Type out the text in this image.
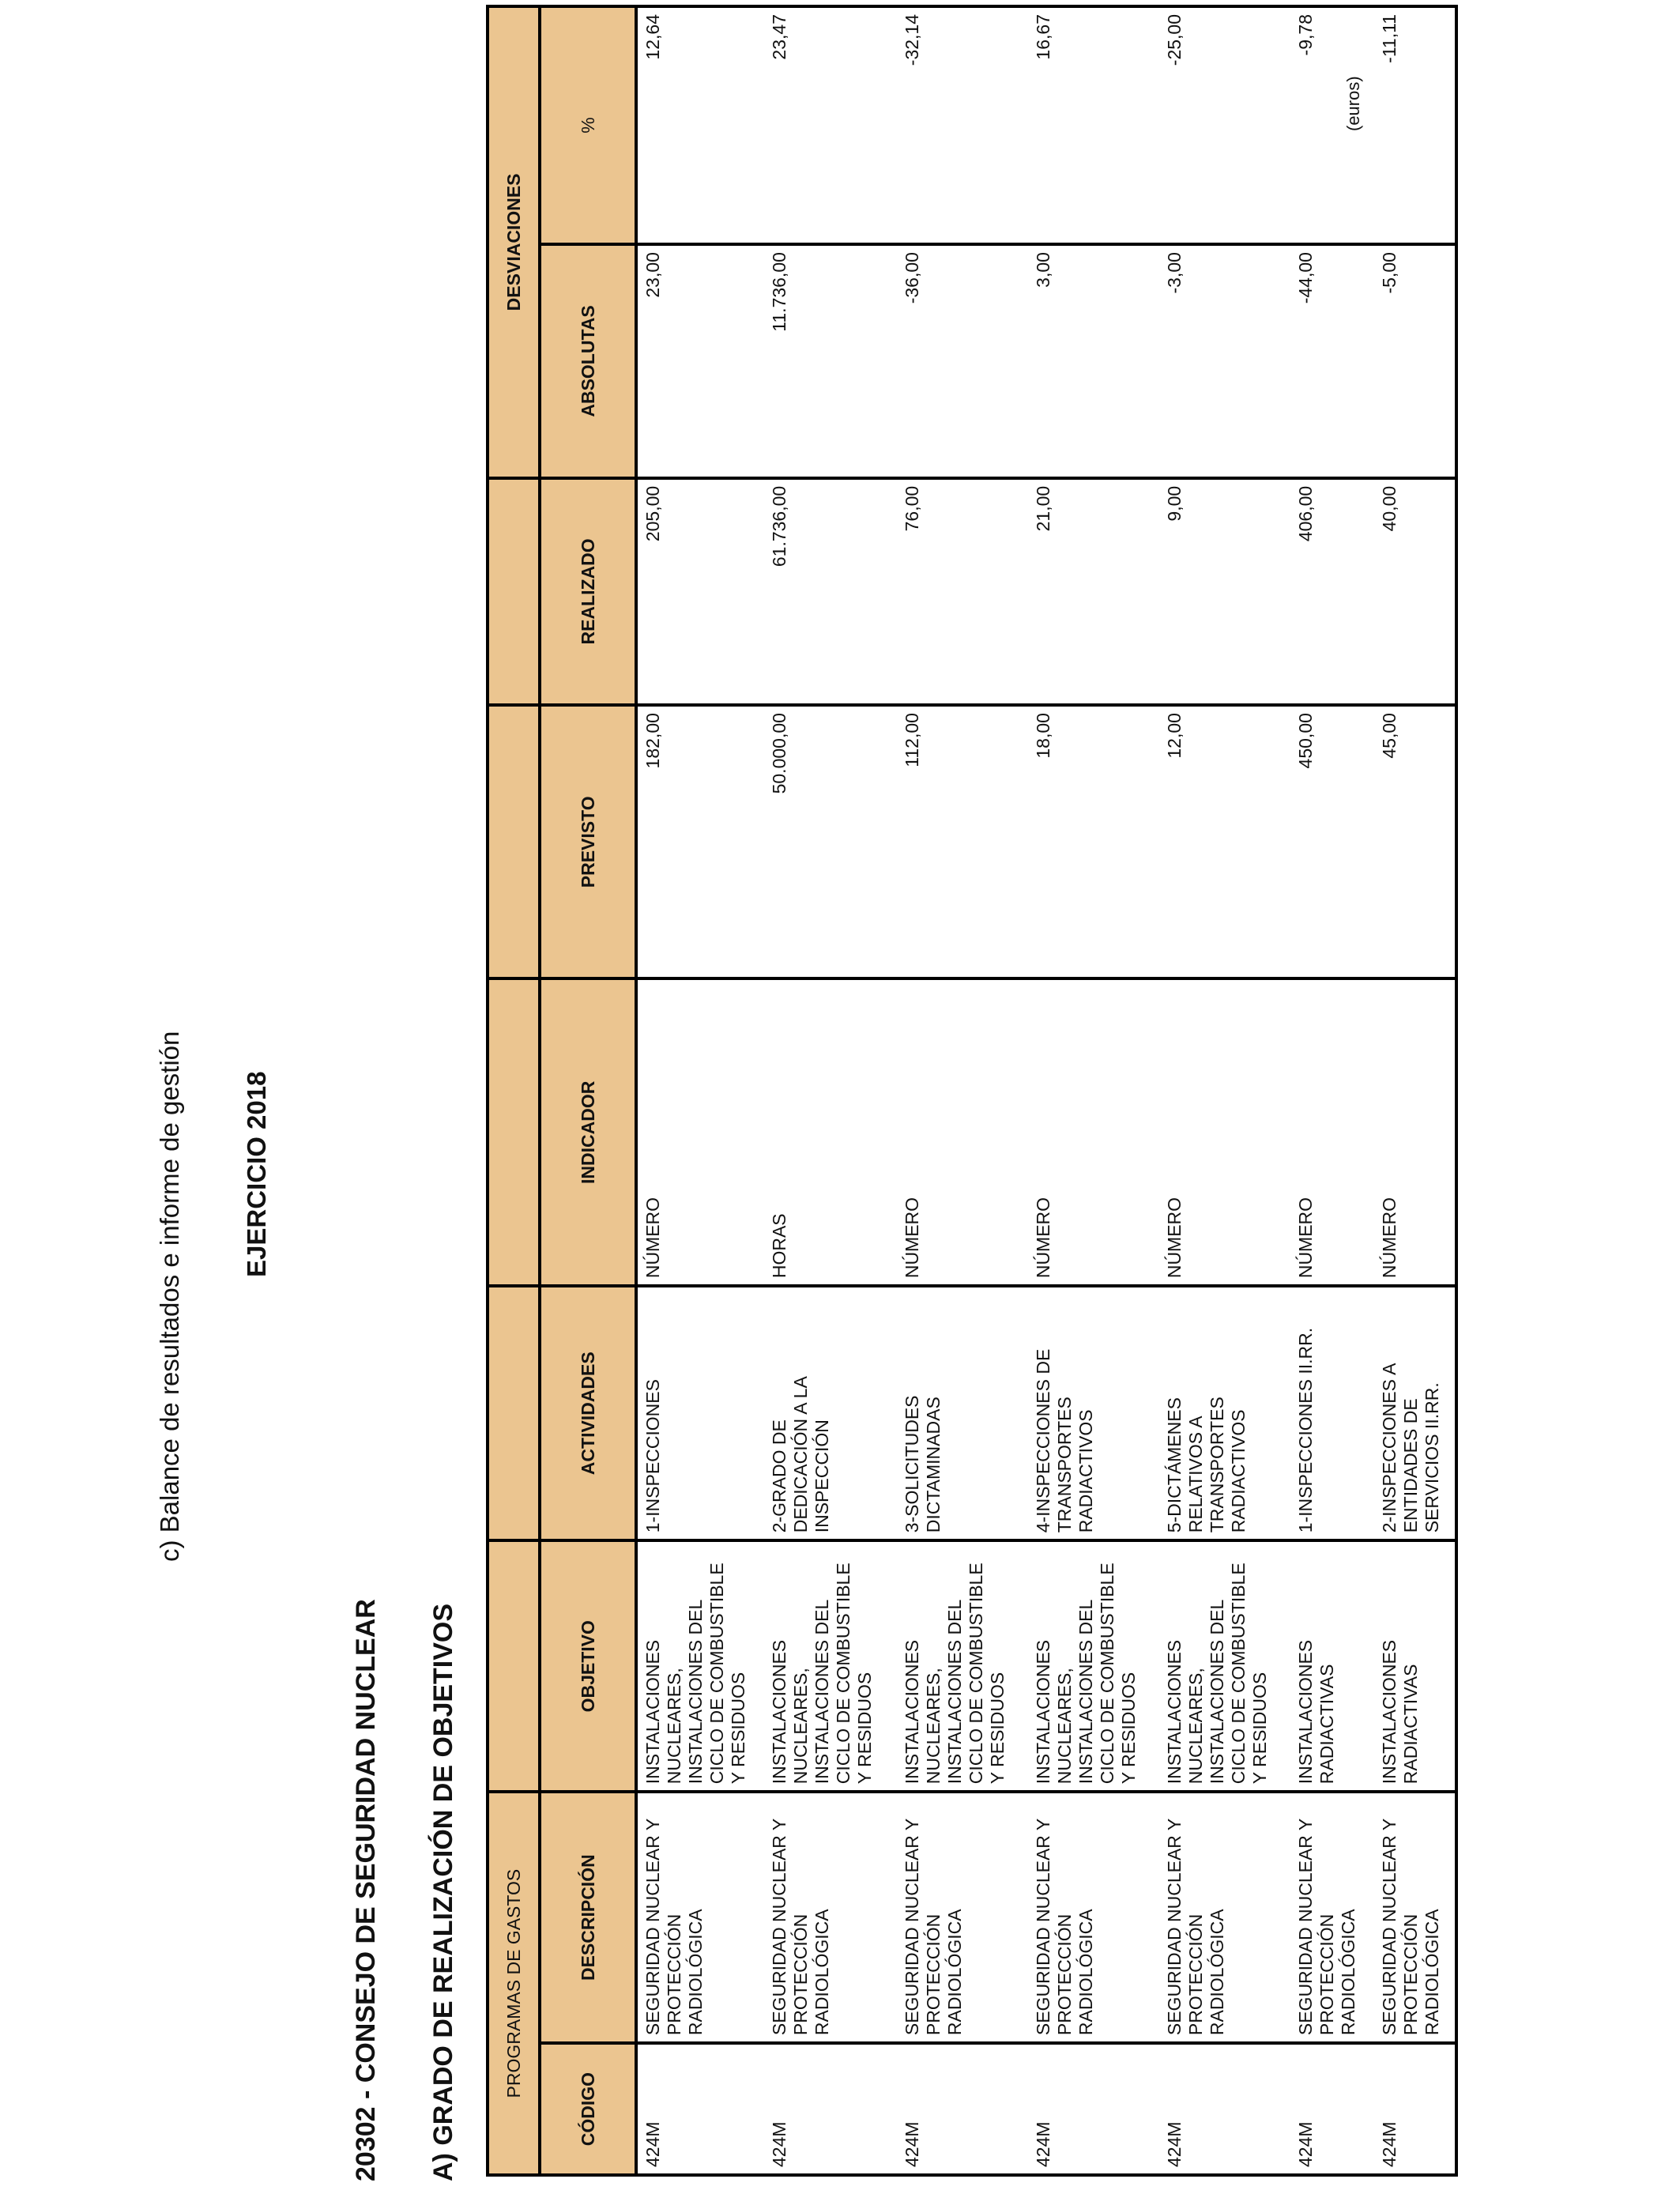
c) Balance de resultados e informe de gestión EJERCICIO 2018
20302 - CONSEJO DE SEGURIDAD NUCLEAR A) GRADO DE REALIZACIÓN DE OBJETIVOS
(euros)
PROGRAMAS DE GASTOS							DESVIACIONES	
CÓDIGO	DESCRIPCIÓN	OBJETIVO	ACTIVIDADES	INDICADOR	PREVISTO	REALIZADO	ABSOLUTAS	%
424M	SEGURIDAD NUCLEAR Y
PROTECCIÓN RADIOLÓGICA	INSTALACIONES
NUCLEARES,
INSTALACIONES DEL
CICLO DE COMBUSTIBLE
Y RESIDUOS	1-INSPECCIONES	NÚMERO	182,00	205,00	23,00	12,64
424M	SEGURIDAD NUCLEAR Y
PROTECCIÓN RADIOLÓGICA	INSTALACIONES
NUCLEARES,
INSTALACIONES DEL
CICLO DE COMBUSTIBLE
Y RESIDUOS	2-GRADO DE
DEDICACIÓN A LA
INSPECCIÓN	HORAS	50.000,00	61.736,00	11.736,00	23,47
424M	SEGURIDAD NUCLEAR Y
PROTECCIÓN RADIOLÓGICA	INSTALACIONES
NUCLEARES,
INSTALACIONES DEL
CICLO DE COMBUSTIBLE
Y RESIDUOS	3-SOLICITUDES
DICTAMINADAS	NÚMERO	112,00	76,00	-36,00	-32,14
424M	SEGURIDAD NUCLEAR Y
PROTECCIÓN RADIOLÓGICA	INSTALACIONES
NUCLEARES,
INSTALACIONES DEL
CICLO DE COMBUSTIBLE
Y RESIDUOS	4-INSPECCIONES DE
TRANSPORTES
RADIACTIVOS	NÚMERO	18,00	21,00	3,00	16,67
424M	SEGURIDAD NUCLEAR Y
PROTECCIÓN RADIOLÓGICA	INSTALACIONES
NUCLEARES,
INSTALACIONES DEL
CICLO DE COMBUSTIBLE
Y RESIDUOS	5-DICTÁMENES
RELATIVOS A
TRANSPORTES
RADIACTIVOS	NÚMERO	12,00	9,00	-3,00	-25,00
424M	SEGURIDAD NUCLEAR Y
PROTECCIÓN RADIOLÓGICA	INSTALACIONES
RADIACTIVAS	1-INSPECCIONES II.RR.	NÚMERO	450,00	406,00	-44,00	-9,78
424M	SEGURIDAD NUCLEAR Y
PROTECCIÓN RADIOLÓGICA	INSTALACIONES
RADIACTIVAS	2-INSPECCIONES A
ENTIDADES DE
SERVICIOS II.RR.	NÚMERO	45,00	40,00	-5,00	-11,11
